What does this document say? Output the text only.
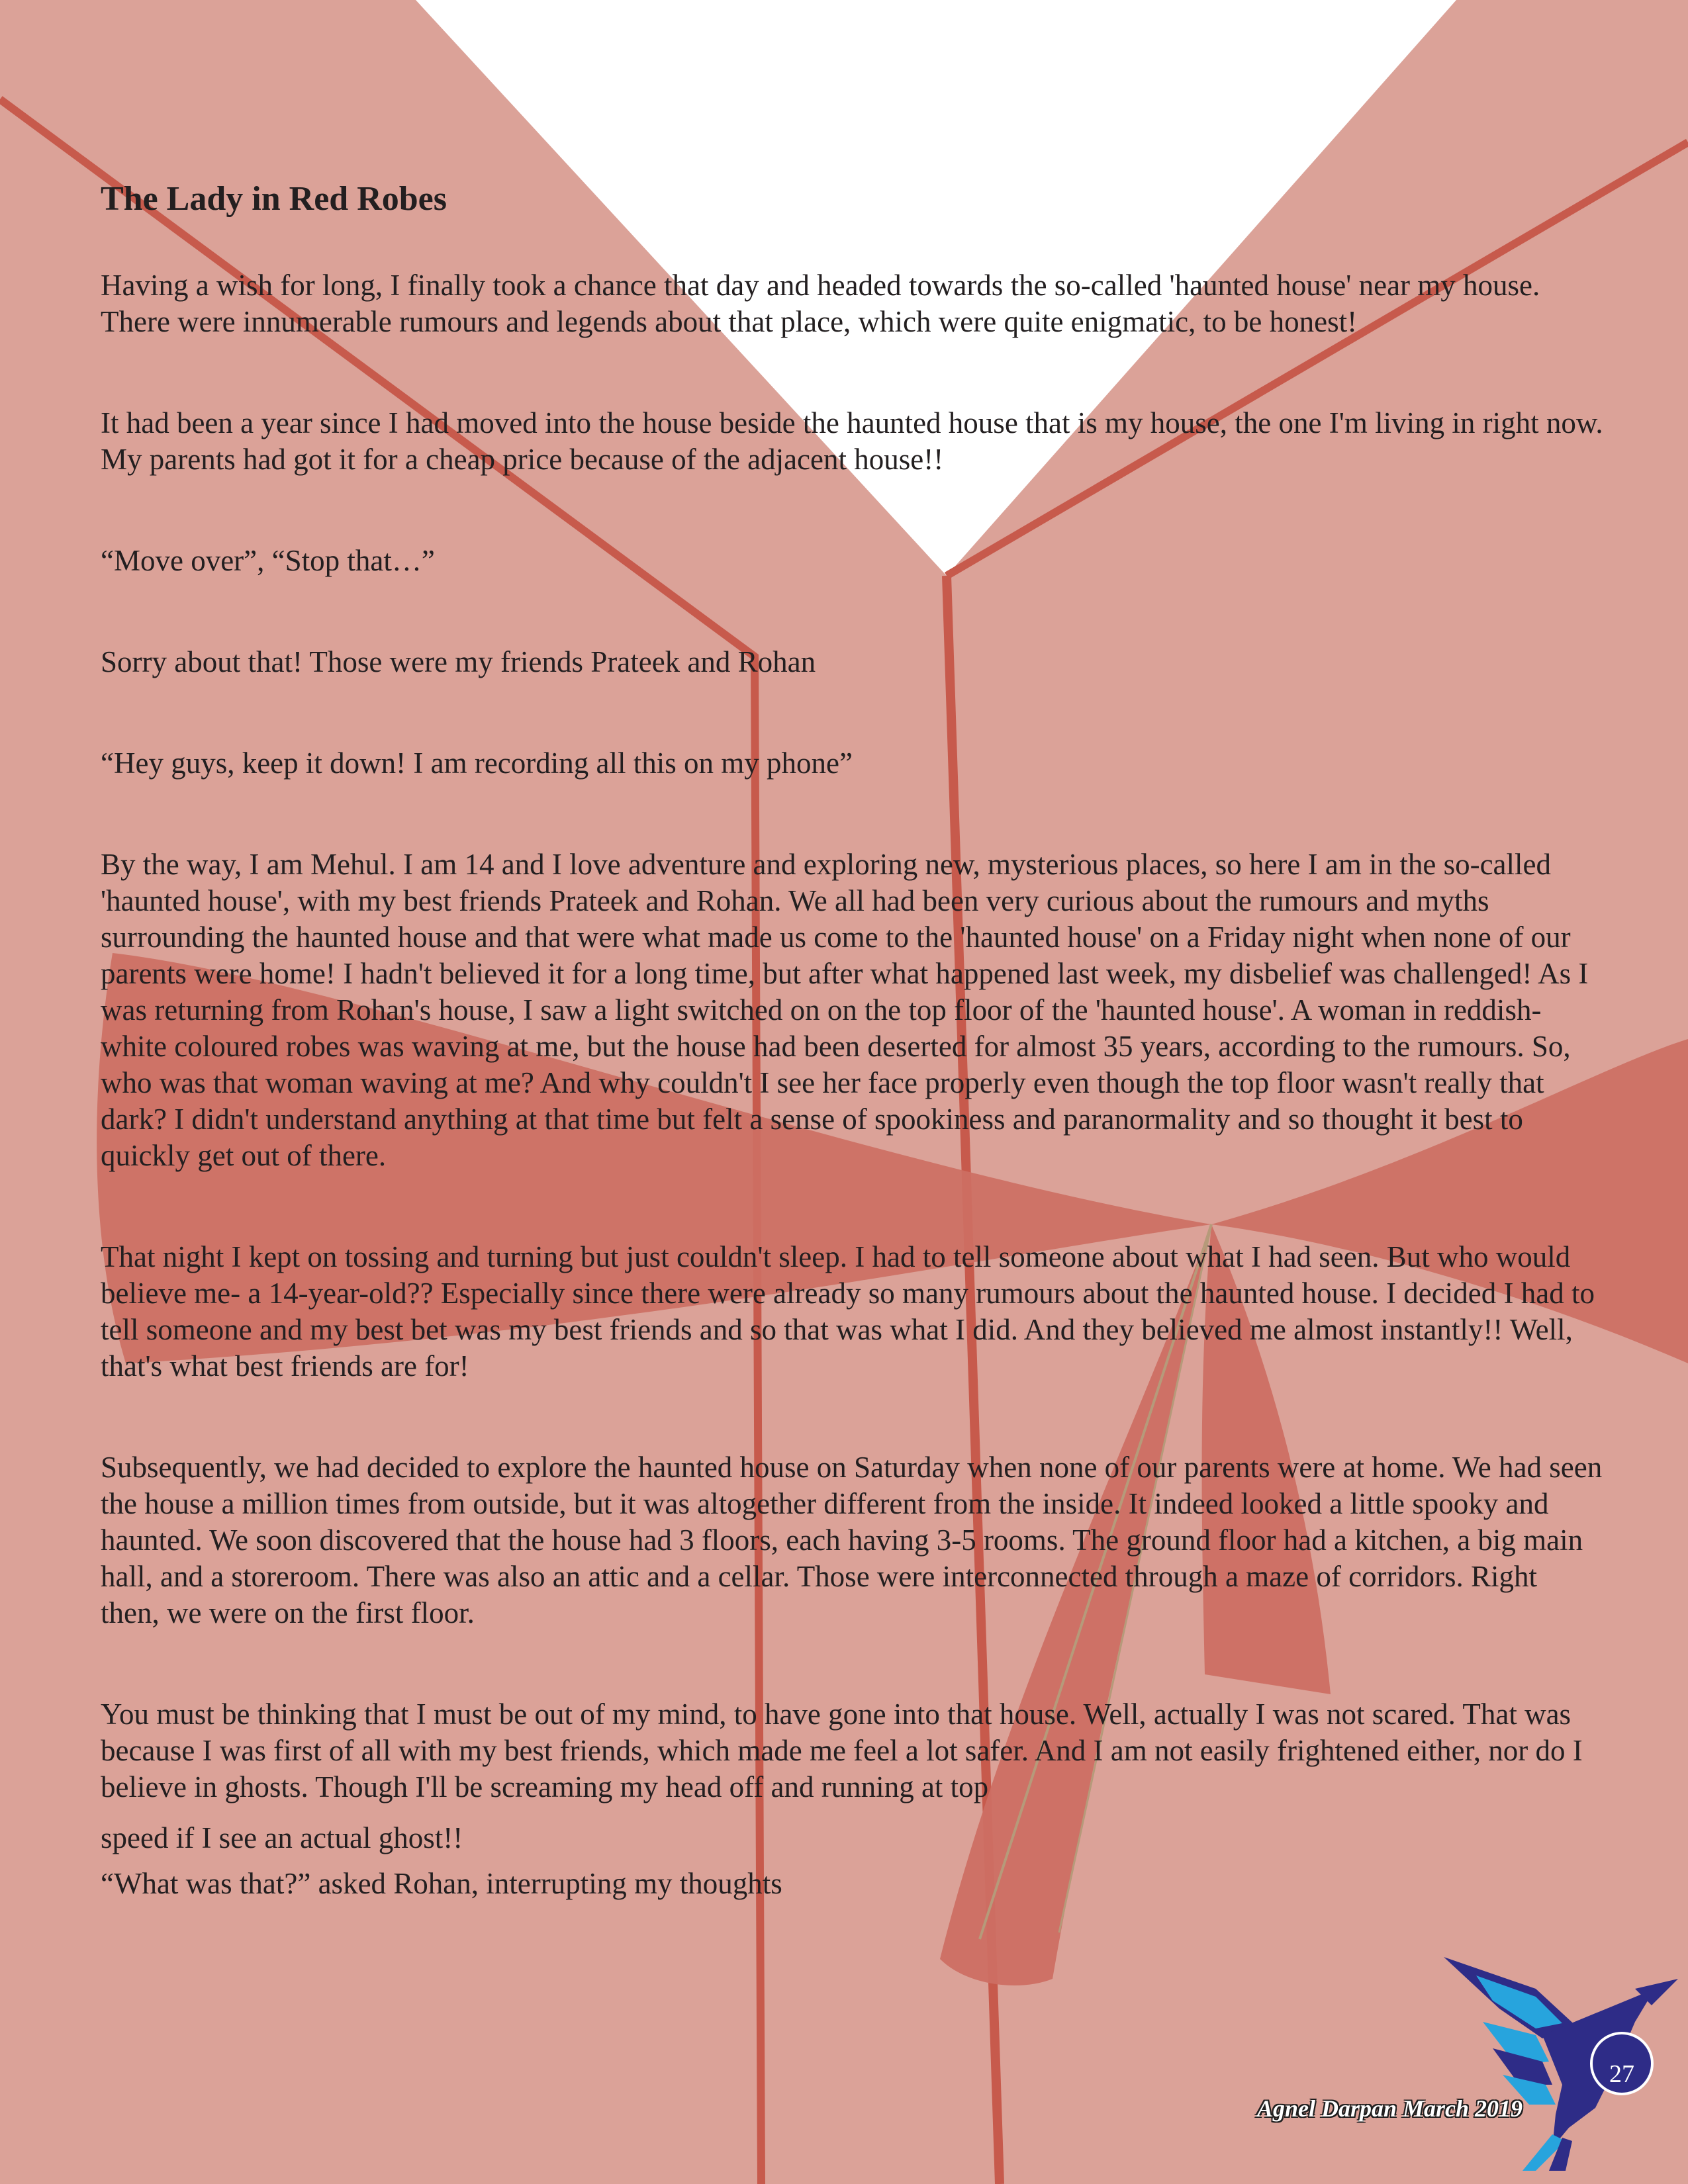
The Lady in Red Robes

Having a wish for long, I finally took a chance that day and headed towards the so-called 'haunted house' near my house. There were innumerable rumours and legends about that place, which were quite enigmatic, to be honest!

It had been a year since I had moved into the house beside the haunted house that is my house, the one I'm living in right now. My parents had got it for a cheap price because of the adjacent house!!

“Move over”, “Stop that…”

Sorry about that! Those were my friends Prateek and Rohan

“Hey guys, keep it down! I am recording all this on my phone”

By the way, I am Mehul. I am 14 and I love adventure and exploring new, mysterious places, so here I am in the so-called 'haunted house', with my best friends Prateek and Rohan. We all had been very curious about the rumours and myths surrounding the haunted house and that were what made us come to the 'haunted house' on a Friday night when none of our parents were home! I hadn't believed it for a long time, but after what happened last week, my disbelief was challenged! As I was returning from Rohan's house, I saw a light switched on on the top floor of the 'haunted house'. A woman in reddish-white coloured robes was waving at me, but the house had been deserted for almost 35 years, according to the rumours. So, who was that woman waving at me? And why couldn't I see her face properly even though the top floor wasn't really that dark? I didn't understand anything at that time but felt a sense of spookiness and paranormality and so thought it best to quickly get out of there.

That night I kept on tossing and turning but just couldn't sleep. I had to tell someone about what I had seen. But who would believe me- a 14-year-old?? Especially since there were already so many rumours about the haunted house. I decided I had to tell someone and my best bet was my best friends and so that was what I did. And they believed me almost instantly!! Well, that's what best friends are for!

Subsequently, we had decided to explore the haunted house on Saturday when none of our parents were at home. We had seen the house a million times from outside, but it was altogether different from the inside. It indeed looked a little spooky and haunted. We soon discovered that the house had 3 floors, each having 3-5 rooms. The ground floor had a kitchen, a big main hall, and a storeroom. There was also an attic and a cellar. Those were interconnected through a maze of corridors. Right then, we were on the first floor.

You must be thinking that I must be out of my mind, to have gone into that house. Well, actually I was not scared. That was because I was first of all with my best friends, which made me feel a lot safer. And I am not easily frightened either, nor do I believe in ghosts. Though I'll be screaming my head off and running at top

speed if I see an actual ghost!!

“What was that?” asked Rohan, interrupting my thoughts

27
Agnel Darpan March 2019
